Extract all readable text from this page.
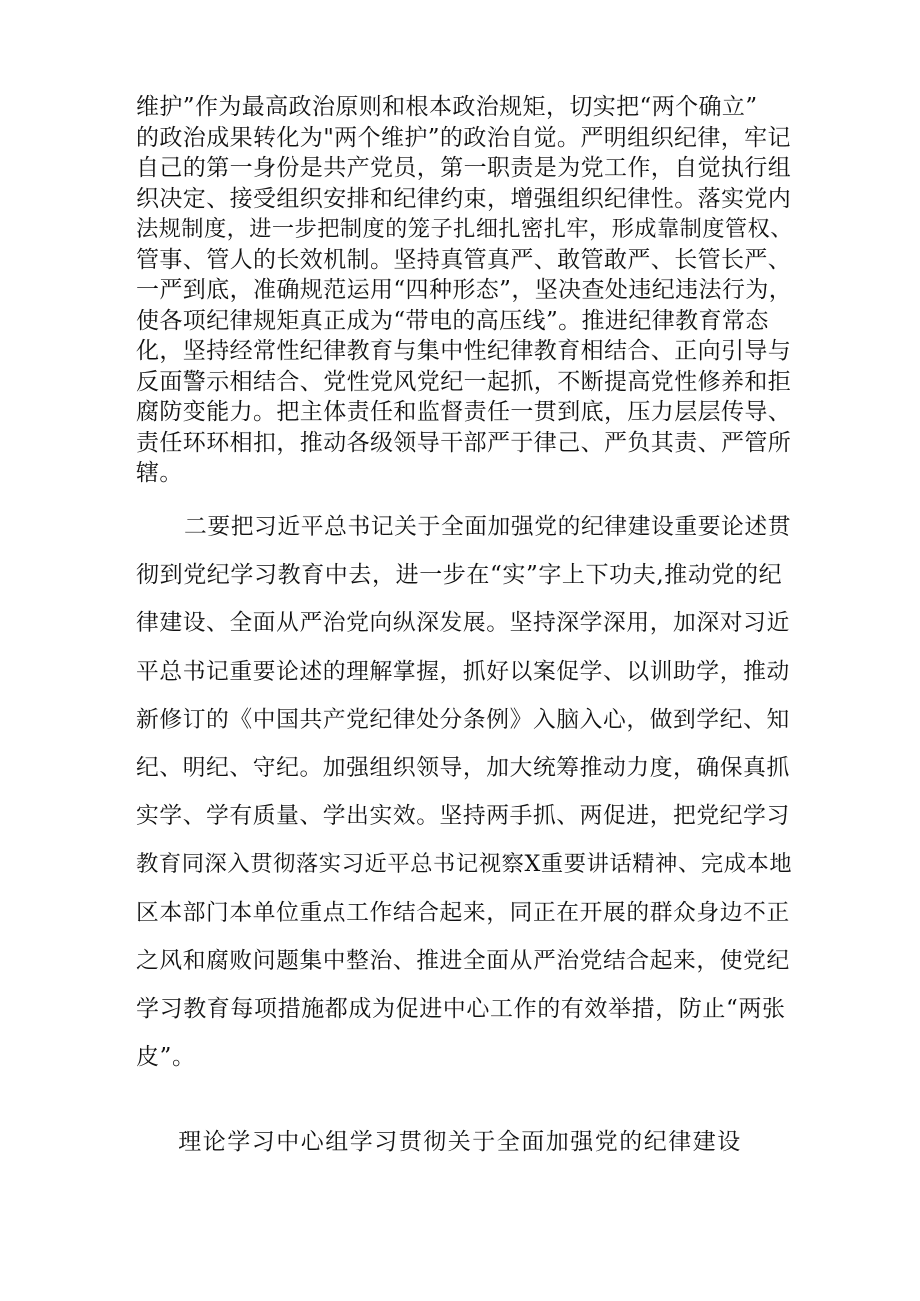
维护”作为最高政治原则和根本政治规矩，切实把“两个确立”
的政治成果转化为"两个维护”的政治自觉。严明组织纪律，牢记
自己的第一身份是共产党员，第一职责是为党工作，自觉执行组
织决定、接受组织安排和纪律约束，增强组织纪律性。落实党内
法规制度，进一步把制度的笼子扎细扎密扎牢，形成靠制度管权、
管事、管人的长效机制。坚持真管真严、敢管敢严、长管长严、
一严到底，准确规范运用“四种形态”，坚决查处违纪违法行为，
使各项纪律规矩真正成为“带电的高压线”。推进纪律教育常态
化，坚持经常性纪律教育与集中性纪律教育相结合、正向引导与
反面警示相结合、党性党风党纪一起抓，不断提高党性修养和拒
腐防变能力。把主体责任和监督责任一贯到底，压力层层传导、
责任环环相扣，推动各级领导干部严于律己、严负其责、严管所
辖。
二要把习近平总书记关于全面加强党的纪律建设重要论述贯
彻到党纪学习教育中去，进一步在“实”字上下功夫,推动党的纪
律建设、全面从严治党向纵深发展。坚持深学深用，加深对习近
平总书记重要论述的理解掌握，抓好以案促学、以训助学，推动
新修订的《中国共产党纪律处分条例》入脑入心，做到学纪、知
纪、明纪、守纪。加强组织领导，加大统筹推动力度，确保真抓
实学、学有质量、学出实效。坚持两手抓、两促进，把党纪学习
教育同深入贯彻落实习近平总书记视察X重要讲话精神、完成本地
区本部门本单位重点工作结合起来，同正在开展的群众身边不正
之风和腐败问题集中整治、推进全面从严治党结合起来，使党纪
学习教育每项措施都成为促进中心工作的有效举措，防止“两张
皮”。
理论学习中心组学习贯彻关于全面加强党的纪律建设
